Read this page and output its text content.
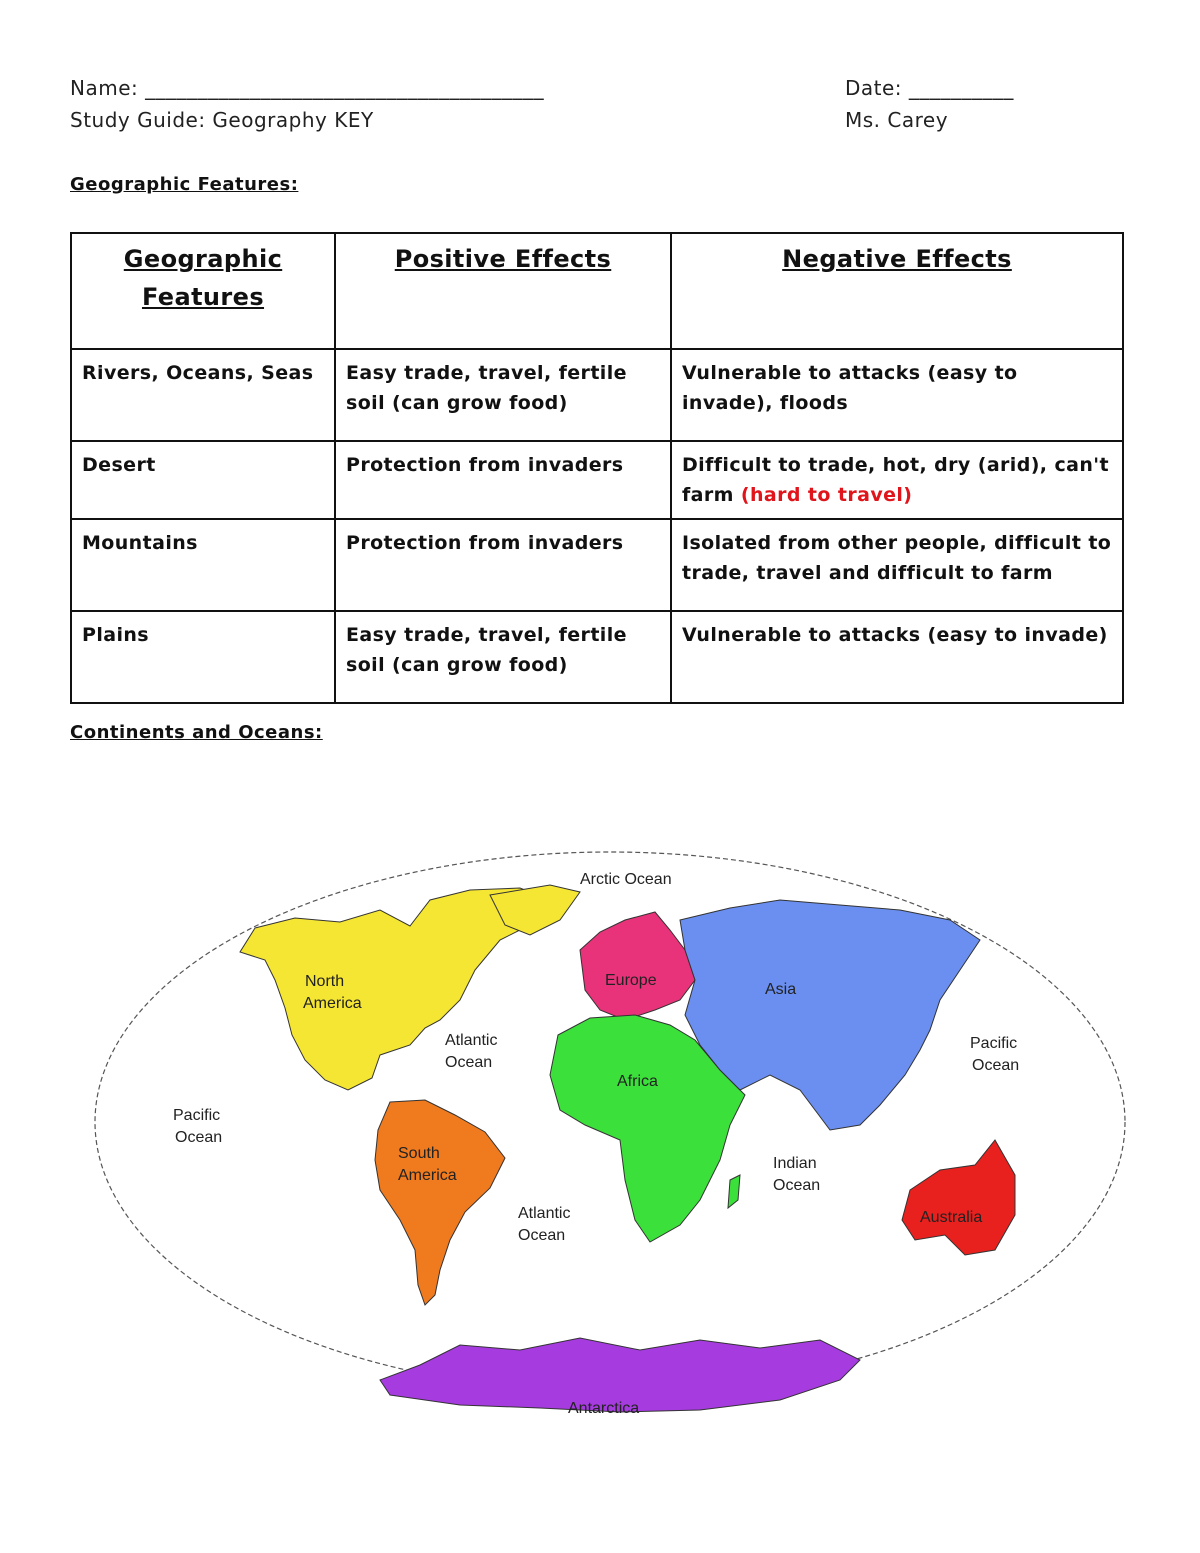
Name: ______________________________________	Date: __________
Study Guide: Geography KEY	Ms. Carey
Geographic Features:
Geographic Features	Positive Effects	Negative Effects
Rivers, Oceans, Seas	Easy trade, travel, fertile soil (can grow food)	Vulnerable to attacks (easy to invade), floods
Desert	Protection from invaders	Difficult to trade, hot, dry (arid), can't farm (hard to travel)
Mountains	Protection from invaders	Isolated from other people, difficult to trade, travel and difficult to farm
Plains	Easy trade, travel, fertile soil (can grow food)	Vulnerable to attacks (easy to invade)
Continents and Oceans:
Arctic Ocean
North
America
Atlantic
Ocean
Europe
Asia
Pacific
Ocean
Africa
Pacific
Ocean
South
America
Indian
Ocean
Atlantic
Ocean
Australia
Antarctica
